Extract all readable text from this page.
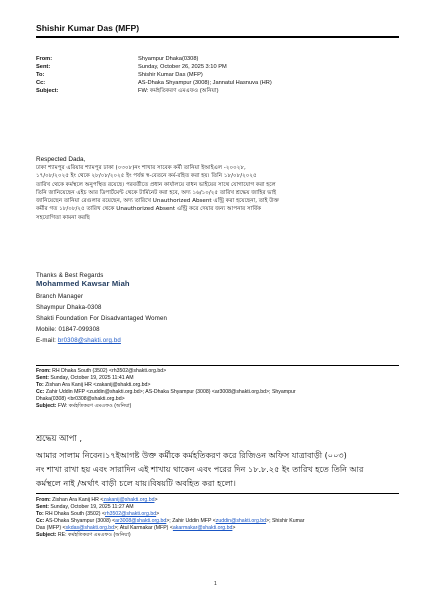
Shishir Kumar Das (MFP)
From:	Shyampur Dhaka(0308)
Sent:	Sunday, October 26, 2025 3:10 PM
To:	Shishir Kumar Das (MFP)
Cc:	AS-Dhaka Shyampur (3008); Jannatul Hasnuva (HR)
Subject:	FW: কর্মহতিকরণ এমএফও (অনিয়া)
Respected Dada,

ঢাকা শ্যামপুর এরিয়ার শ্যামপুর ঢাকা (০৩০৮)নং শাখার সাবেক কর্মী তানিয়া ইআইএল -২০০২৮,

১৭/০৮/২০২৫ ইং থেকে ২৮/০৮/২০২৫ ইং পর্যন্ত স্ব-বেতনে কর্ম-রহিত করা হয়। তিনি ১৮/০৮/২০২৫

তারিখ থেকে কর্মস্থলে অনুপস্থিত রয়েছে। পরবর্তীতে প্রধান কার্যালয়ে বাধন ভাইয়ের সাথে যোগাযোগ করা হলে

তিনি জানিয়েছেন এইচ আর ডিপার্টমেন্ট থেকে টার্মিনেট করা হবে, অদ্য ১৬/১০/২৫ তারিখ শ্রদ্ধেয় জাহির ভাই

জানিয়েছেন তানিয়া রেগুলার রয়েছেন, অদ্য তারিখে Unauthorized Absent এন্ট্রি করা হয়েছেনা, তাই উক্ত

কর্মীর গত ১৮/০৮/২৫ তারিখ থেকে Unauthorized Absent এন্ট্রি করে দেয়ার জন্য আপনার সার্বিক

সহযোগিতা কামনা করছি

Thanks & Best Regards
Mohammed Kawsar Miah
Branch Manager
Shaympur Dhaka-0308
Shakti Foundation For Disadvantaged Women
Mobile: 01847-099308
E-mail: br0308@shakti.org.bd
From: RH Dhaka South (3502) <rh3502@shakti.org.bd>
Sent: Sunday, October 19, 2025 11:41 AM
To: Zishan Ara Kanij HR <zakanij@shakti.org.bd>
Cc: Zahir Uddin MFP <zuddin@shakti.org.bd>; AS-Dhaka Shyampur (3008) <ar3008@shakti.org.bd>; Shyampur
Dhaka(0308) <br0308@shakti.org.bd>
Subject: FW: কর্মহতিকরণ এমএফও (অনিয়া)
শ্রদ্ধেয় আপা ,

আমার সালাম নিবেন।১৭ইআগষ্ট উক্ত কর্মীকে কর্মহতিকরণ করে রিজিওন অফিস যাত্রাবাড়ী (০০৩)

নং শাখা রাখা হয় এবং সারাদিন এই শাখায় থাকেন এবং পরের দিন ১৮.৮.২৫ ইং তারিখ হতে তিনি আর

কর্মস্থলে নাই /অর্থাৎ বাড়ী চলে যায়।বিষয়টি অবহিত করা হলো।

From: Zishan Ara Kanij HR <zakanij@shakti.org.bd>
Sent: Sunday, October 19, 2025 11:27 AM
To: RH Dhaka South (3502) <rh3502@shakti.org.bd>
Cc: AS-Dhaka Shyampur (3008) <ar3008@shakti.org.bd>; Zahir Uddin MFP <zuddin@shakti.org.bd>; Shishir Kumar
Das (MFP) <skdas@shakti.org.bd>; Atul Karmakar (MFP) <akarmakar@shakti.org.bd>
Subject: RE: কর্মহতিকরণ এমএফও (অনিয়া)
1
